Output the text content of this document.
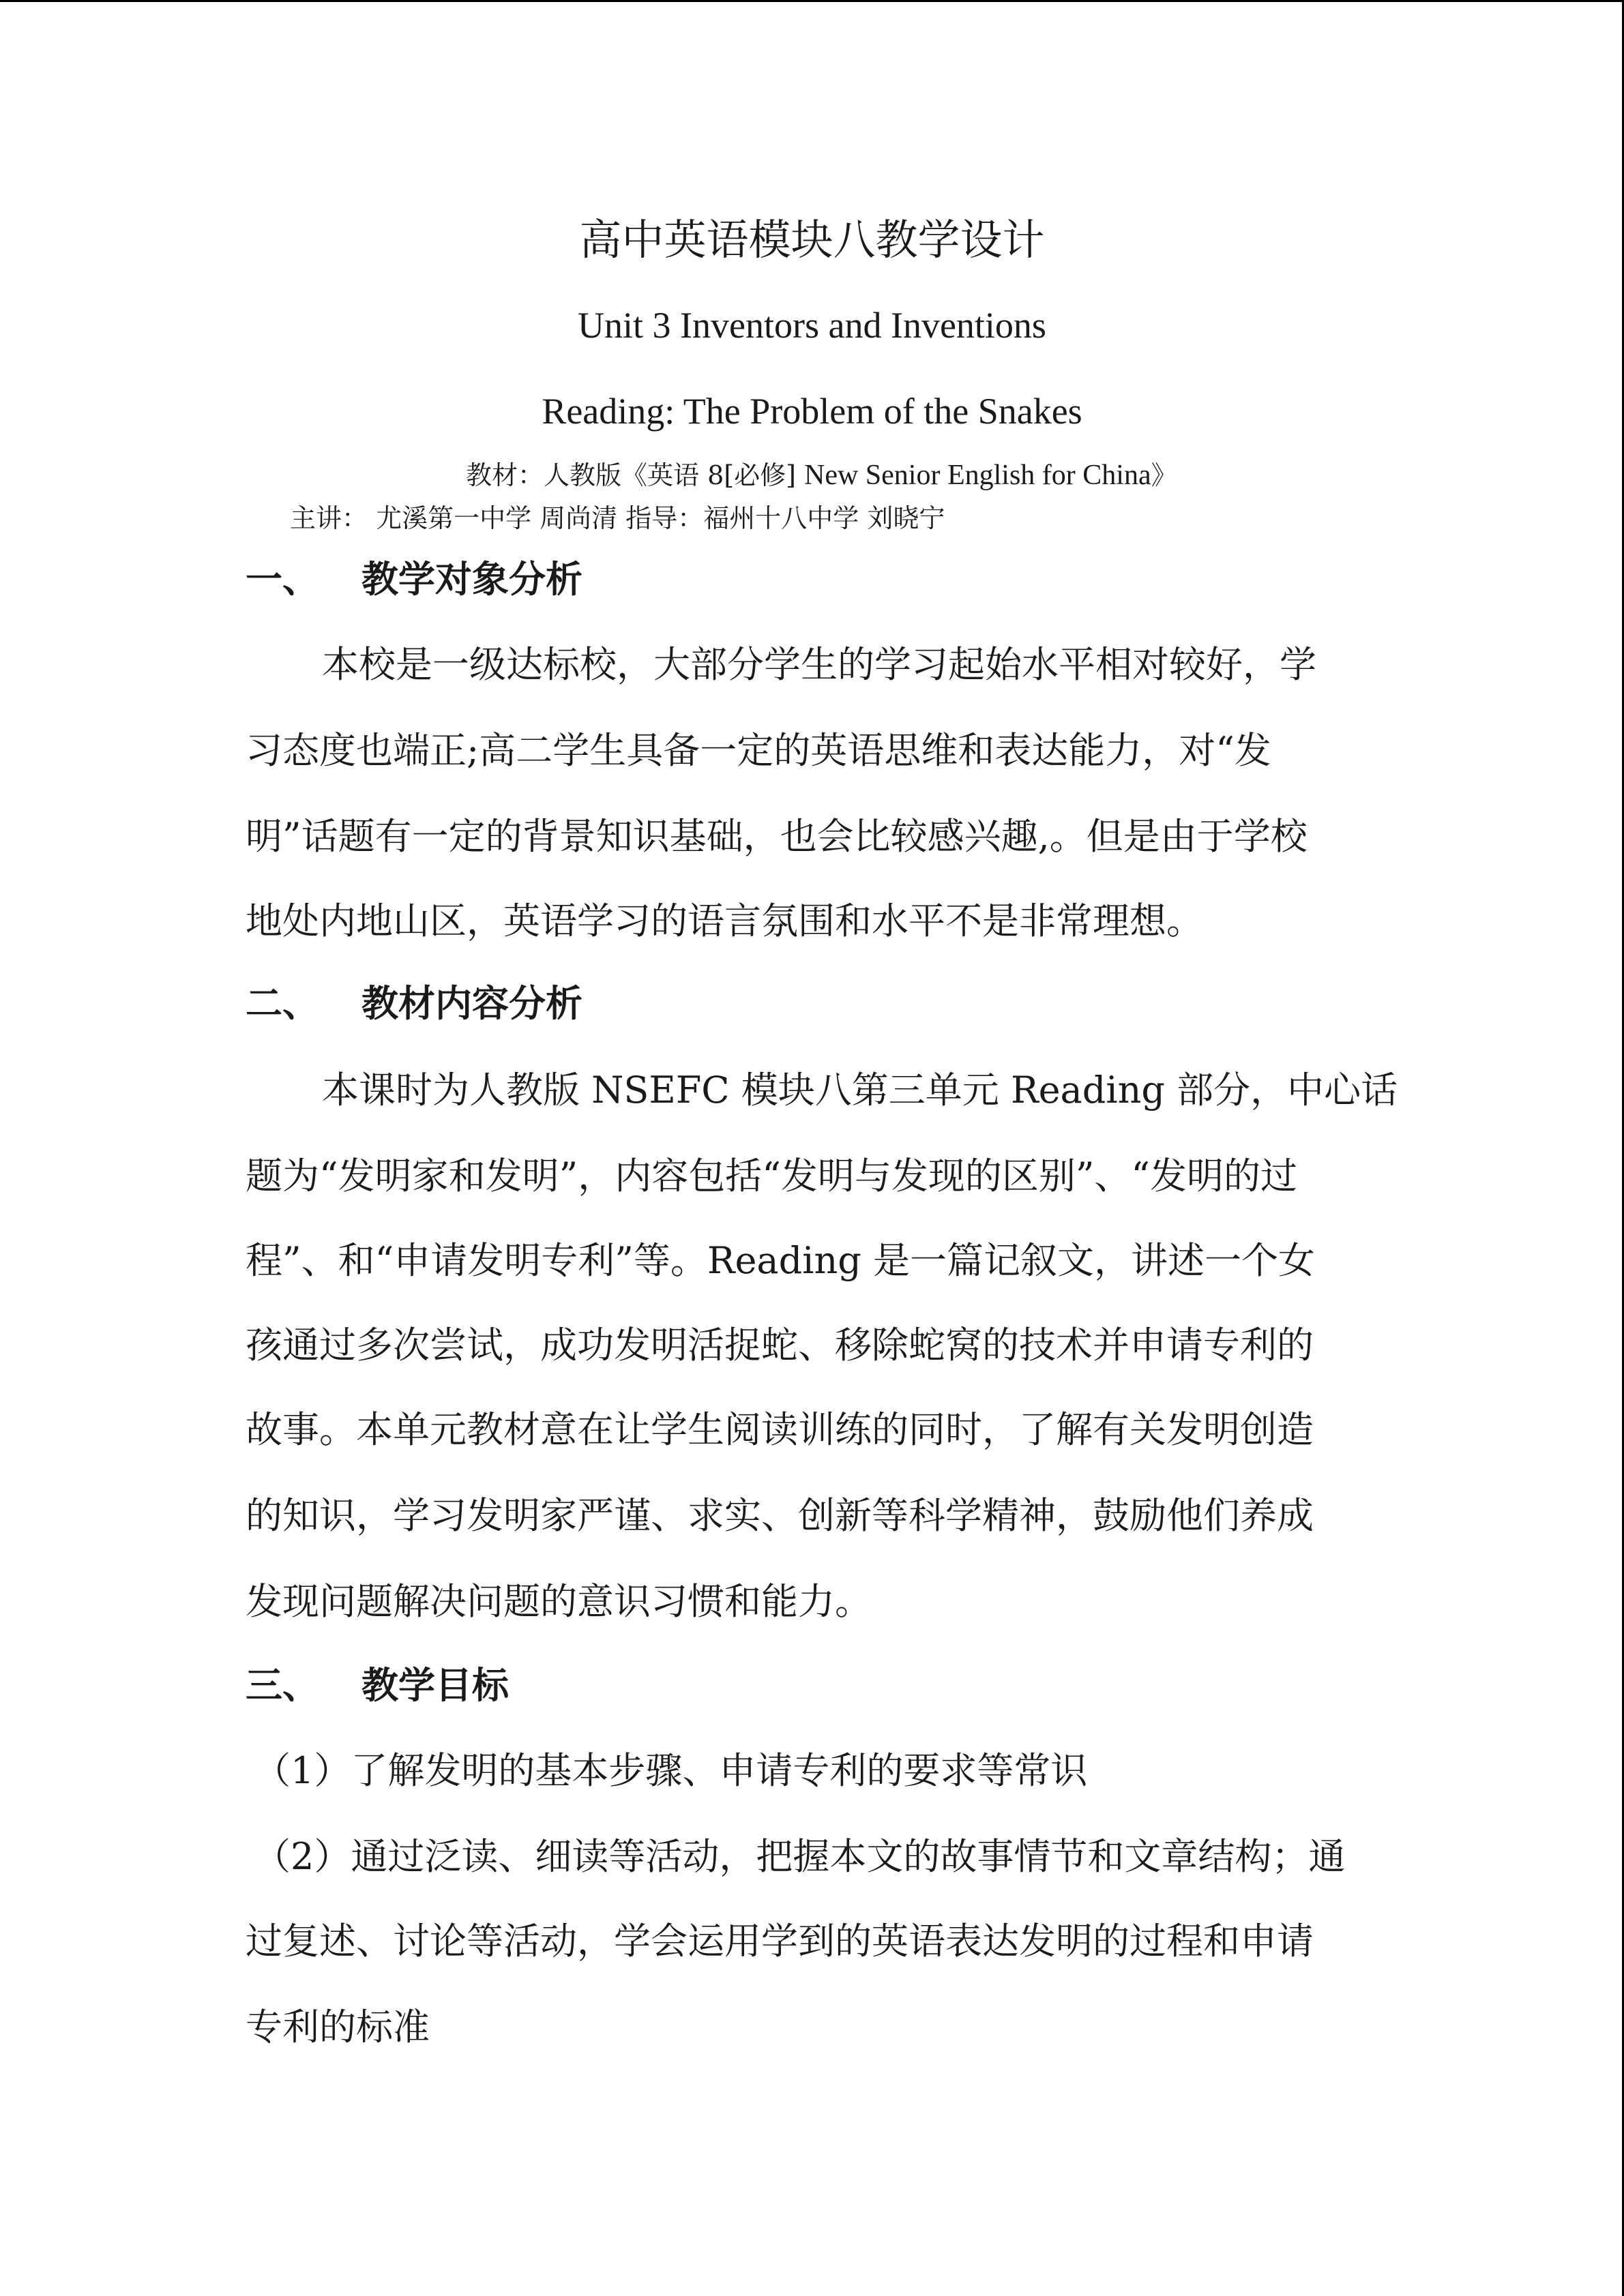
高中英语模块八教学设计
Unit 3 Inventors and Inventions
Reading: The Problem of the Snakes
教材：人教版《英语 8[必修] New Senior English for China》
主讲： 尤溪第一中学 周尚清 指导：福州十八中学 刘晓宁
一、 教学对象分析
本校是一级达标校，大部分学生的学习起始水平相对较好，学
习态度也端正;高二学生具备一定的英语思维和表达能力，对“发
明”话题有一定的背景知识基础，也会比较感兴趣,。但是由于学校
地处内地山区，英语学习的语言氛围和水平不是非常理想。
二、 教材内容分析
本课时为人教版 NSEFC 模块八第三单元 Reading 部分，中心话
题为“发明家和发明”，内容包括“发明与发现的区别”、“发明的过
程”、和“申请发明专利”等。Reading 是一篇记叙文，讲述一个女
孩通过多次尝试，成功发明活捉蛇、移除蛇窝的技术并申请专利的
故事。本单元教材意在让学生阅读训练的同时，了解有关发明创造
的知识，学习发明家严谨、求实、创新等科学精神，鼓励他们养成
发现问题解决问题的意识习惯和能力。
三、 教学目标
（1）了解发明的基本步骤、申请专利的要求等常识
（2）通过泛读、细读等活动，把握本文的故事情节和文章结构；通
过复述、讨论等活动，学会运用学到的英语表达发明的过程和申请
专利的标准
